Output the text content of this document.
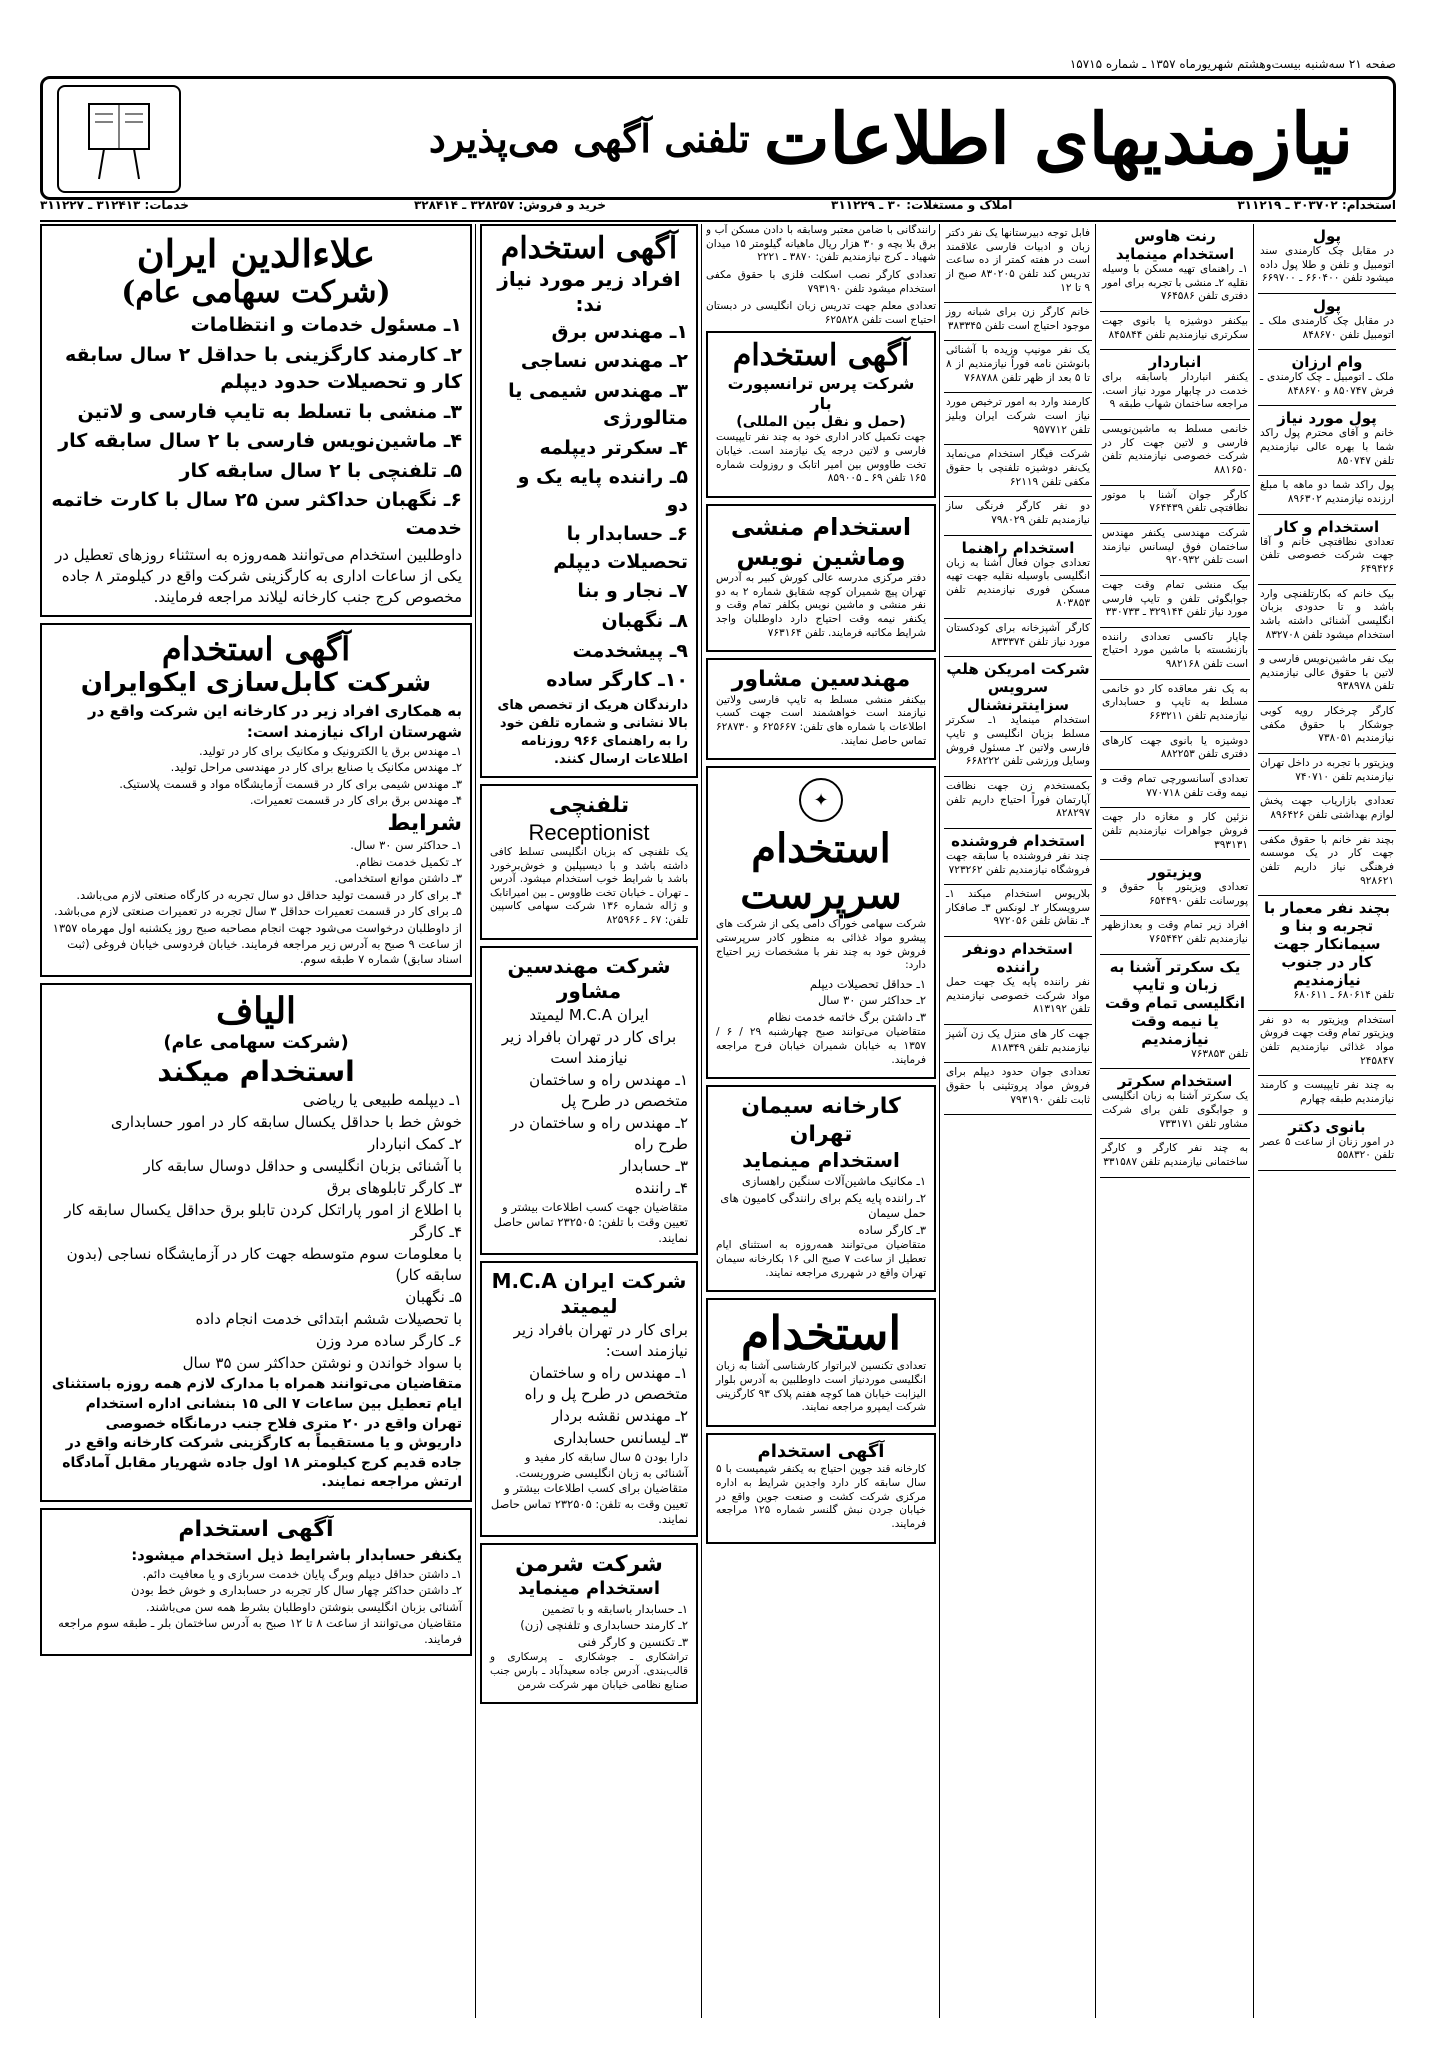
صفحه ۲۱ سه‌شنبه بیست‌وهشتم شهریورماه ۱۳۵۷ ـ شماره ۱۵۷۱۵
نیازمندیهای اطلاعات
تلفنی آگهی می‌پذیرد
استخدام: ۳۰۳۷۰۲ ـ ۳۱۱۲۱۹
املاک و مستغلات: ۳۰ ـ ۳۱۱۲۲۹
خرید و فروش: ۳۲۸۲۵۷ ـ ۳۲۸۴۱۴
خدمات: ۳۱۲۴۱۳ ـ ۳۱۱۲۲۷
پول

در مقابل چک کارمندی سند اتومبیل و تلفن و طلا پول داده میشود تلفن ۶۶۰۴۰۰ ـ ۶۶۹۷۰۰

پول

در مقابل چک کارمندی ملک ـ اتومبیل تلفن ۸۴۸۶۷۰

وام ارزان

ملک ـ اتومبیل ـ چک کارمندی ـ فرش ۸۵۰۷۴۷ و ۸۴۸۶۷۰

پول مورد نیاز

خانم و آقای محترم پول راکد شما با بهره عالی نیازمندیم تلفن ۸۵۰۷۴۷

پول راکد شما دو ماهه با مبلغ ارزنده نیازمندیم ۸۹۶۳۰۲

استخدام و کار

تعدادی نظافتچی خانم و آقا جهت شرکت خصوصی تلفن ۶۴۹۴۲۶

بیک خانم که بکارتلفنچی وارد باشد و تا حدودی بزبان انگلیسی آشنائی داشته باشد استخدام میشود تلفن ۸۳۲۷۰۸

بیک نفر ماشین‌نویس فارسی و لاتین با حقوق عالی نیازمندیم تلفن ۹۳۸۹۷۸

کارگر چرخکار رویه کوبی جوشکار با حقوق مکفی نیازمندیم ۷۳۸۰۵۱

ویزیتور با تجربه در داخل تهران نیازمندیم تلفن ۷۴۰۷۱۰

تعدادی بازاریاب جهت پخش لوازم بهداشتی تلفن ۸۹۶۴۲۶

بچند نفر خانم با حقوق مکفی جهت کار در یک موسسه فرهنگی نیاز داریم تلفن ۹۲۸۶۲۱

بچند نفر معمار با تجربه و بنا و سیمانکار جهت کار در جنوب نیازمندیم

تلفن ۶۸۰۶۱۴ ـ ۶۸۰۶۱۱

استخدام ویزیتور به دو نفر ویزیتور تمام وقت جهت فروش مواد غذائی نیازمندیم تلفن ۲۴۵۸۴۷

به چند نفر تایپیست و کارمند نیازمندیم طبقه چهارم

بانوی دکتر

در امور زنان از ساعت ۵ عصر تلفن ۵۵۸۳۲۰

رنت هاوس استخدام مینماید

۱ـ راهنمای تهیه مسکن با وسیله نقلیه ۲ـ منشی با تجربه برای امور دفتری تلفن ۷۶۴۵۸۶

بیکنفر دوشیزه یا بانوی جهت سکرتری نیازمندیم تلفن ۸۴۵۸۴۴

انباردار

یکنفر انباردار باسابقه برای خدمت در چابهار مورد نیاز است. مراجعه ساختمان شهاب طبقه ۹

خانمی مسلط به ماشین‌نویسی فارسی و لاتین جهت کار در شرکت خصوصی نیازمندیم تلفن ۸۸۱۶۵۰

کارگر جوان آشنا با موتور نظافتچی تلفن ۷۶۴۴۳۹

شرکت مهندسی یکنفر مهندس ساختمان فوق لیسانس نیازمند است تلفن ۹۲۰۹۳۲

بیک منشی تمام وقت جهت جوابگوئی تلفن و تایپ فارسی مورد نیاز تلفن ۳۲۹۱۴۴ ـ ۳۳۰۷۳۳

چایار تاکسی تعدادی راننده بازنشسته با ماشین مورد احتیاج است تلفن ۹۸۲۱۶۸

به یک نفر معاقده کار دو خانمی مسلط به تایپ و حسابداری نیازمندیم تلفن ۶۶۳۲۱۱

دوشیزه یا بانوی جهت کارهای دفتری تلفن ۸۸۲۲۵۳

تعدادی آسانسورچی تمام وقت و نیمه وقت تلفن ۷۷۰۷۱۸

نزئین کار و مغازه دار جهت فروش جواهرات نیازمندیم تلفن ۳۹۳۱۳۱

ویزیتور

تعدادی ویزیتور با حقوق و پورسانت تلفن ۶۵۴۴۹۰

افراد زیر تمام وقت و بعدازظهر نیازمندیم تلفن ۷۶۵۴۴۲

یک سکرتر آشنا به زبان و تایپ انگلیسی تمام وقت یا نیمه وقت نیازمندیم

تلفن ۷۶۳۸۵۳

استخدام سکرتر

یک سکرتر آشنا به زبان انگلیسی و جوابگوی تلفن برای شرکت مشاور تلفن ۷۳۳۱۷۱

به چند نفر کارگر و کارگر ساختمانی نیازمندیم تلفن ۳۳۱۵۸۷

فابل توجه دبیرستانها یک نفر دکتر زبان و ادبیات فارسی علاقمند است در هفته کمتر از ده ساعت تدریس کند تلفن ۸۳۰۲۰۵ صبح از ۹ تا ۱۲

خانم کارگر زن برای شبانه روز موجود احتیاج است تلفن ۳۸۳۳۴۵

یک نفر مونیپ وزیده با آشنائی بانوشتن نامه فوراً نیازمندیم از ۸ تا ۵ بعد از ظهر تلفن ۷۶۸۷۸۸

کارمند وارد به امور ترخیص مورد نیاز است شرکت ایران وبلیز تلفن ۹۵۷۷۱۲

شرکت فیگار استخدام می‌نماید یک‌نفر دوشیزه تلفنچی با حقوق مکفی تلفن ۶۲۱۱۹

دو نفر کارگر فرنگی ساز نیازمندیم تلفن ۷۹۸۰۲۹

استخدام راهنما

تعدادی جوان فعال آشنا به زبان انگلیسی باوسیله نقلیه جهت تهیه مسکن فوری نیازمندیم تلفن ۸۰۳۸۵۳

کارگر آشپزخانه برای کودکستان مورد نیاز تلفن ۸۳۳۳۷۴

شرکت امریکن هلپ سرویس سزاینترنشنال

استخدام مینماید ۱ـ سکرتر مسلط بزبان انگلیسی و تایپ فارسی ولاتین ۲ـ مسئول فروش وسایل ورزشی تلفن ۶۶۸۲۲۲

بکمستخدم زن جهت نظافت آپارتمان فوراً احتیاج داریم تلفن ۸۲۸۲۹۷

استخدام فروشنده

چند نفر فروشنده با سابقه جهت فروشگاه نیازمندیم تلفن ۷۲۳۲۶۲

بلاریوس استخدام میکند ۱ـ سرویسکار ۲ـ لونکس ۳ـ صافکار ۴ـ نقاش تلفن ۹۷۲۰۵۶

استخدام دونفر راننده

نفر راننده پایه یک جهت حمل مواد شرکت خصوصی نیازمندیم تلفن ۸۱۳۱۹۲

جهت کار های منزل یک زن آشپز نیازمندیم تلفن ۸۱۸۳۴۹

تعدادی جوان حدود دیپلم برای فروش مواد پروتئینی با حقوق ثابت تلفن ۷۹۳۱۹۰

رانندگانی با ضامن معتبر وسابقه با دادن مسکن آب و برق بلا بچه و ۳۰ هزار ریال ماهیانه گیلومتر ۱۵ میدان شهیاد ـ کرج نیازمندیم تلفن: ۳۸۷۰ ـ ۲۲۲۱

تعدادی کارگر نصب اسکلت فلزی با حقوق مکفی استخدام میشود تلفن ۷۹۳۱۹۰

تعدادی معلم جهت تدریس زبان انگلیسی در دبستان احتیاج است تلفن ۶۲۵۸۲۸

آگهی استخدام
شرکت پرس ترانسپورت بار
(حمل و نقل بین المللی)

جهت تکمیل کادر اداری خود به چند نفر تایپیست فارسی و لاتین درجه یک نیازمند است. خیابان تخت طاووس بین امیر اتابک و روزولت شماره ۱۶۵ تلفن ۶۹ ـ ۸۵۹۰۰۵

استخدام منشی وماشین نویس

دفتر مرکزی مدرسه عالی کورش کبیر به آدرس تهران پیچ شمیران کوچه شقایق شماره ۲ به دو نفر منشی و ماشین نویس بکلفر تمام وقت و یکنفر نیمه وقت احتیاج دارد داوطلبان واجد شرایط مکاتبه فرمایند. تلفن ۷۶۳۱۶۴

مهندسین مشاور

بیکنفر منشی مسلط به تایپ فارسی ولاتین نیازمند است خواهشمند است جهت کسب اطلاعات با شماره های تلفن: ۶۲۵۶۶۷ و ۶۲۸۷۳۰ تماس حاصل نمایند.

✦
استخدام سرپرست

شرکت سهامی خوراک دامی یکی از شرکت های پیشرو مواد غذائی به منظور کادر سرپرستی فروش خود به چند نفر با مشخصات زیر احتیاج دارد:

۱ـ حداقل تحصیلات دیپلم

۲ـ حداکثر سن ۳۰ سال

۳ـ داشتن برگ خاتمه خدمت نظام

متقاضیان می‌توانند صبح چهارشنبه ۲۹ / ۶ / ۱۳۵۷ به خیابان شمیران خیابان فرح مراجعه فرمایند.

کارخانه سیمان تهران
استخدام مینماید

۱ـ مکانیک ماشین‌آلات سنگین راهسازی

۲ـ راننده پایه یکم برای رانندگی کامیون های حمل سیمان

۳ـ کارگر ساده

متقاضیان می‌توانند همه‌روزه به استثنای ایام تعطیل از ساعت ۷ صبح الی ۱۶ بکارخانه سیمان تهران واقع در شهرری مراجعه نمایند.

استخدام

تعدادی تکنسین لابراتوار کارشناسی آشنا به زبان انگلیسی موردنیاز است داوطلبین به آدرس بلوار الیزابت خیابان هما کوچه هفتم پلاک ۹۳ کارگزینی شرکت ایمپرو مراجعه نمایند.

آگهی استخدام

کارخانه قند جوین احتیاج به یکنفر شیمیست با ۵ سال سابقه کار دارد واجدین شرایط به اداره مرکزی شرکت کشت و صنعت جوین واقع در خیابان جردن نبش گلنسر شماره ۱۲۵ مراجعه فرمایند.

آگهی استخدام
افراد زیر مورد نیاز ند:

۱ـ مهندس برق

۲ـ مهندس نساجی

۳ـ مهندس شیمی یا متالورژی

۴ـ سکرتر دیپلمه

۵ـ راننده پایه یک و دو

۶ـ حسابدار با تحصیلات دیپلم

۷ـ نجار و بنا

۸ـ نگهبان

۹ـ پیشخدمت

۱۰ـ کارگر ساده

دارندگان هریک از تخصص های بالا نشانی و شماره تلفن خود را به راهنمای ۹۶۶ روزنامه اطلاعات ارسال کنند.

تلفنچی
Receptionist

یک تلفنچی که بزبان انگلیسی تسلط کافی داشته باشد و با دیسیپلین و خوش‌برخورد باشد با شرایط خوب استخدام میشود. آدرس ـ تهران ـ خیابان تخت طاووس ـ بین امیراتابک و ژاله شماره ۱۳۶ شرکت سهامی کاسپین تلفن: ۶۷ ـ ۸۲۵۹۶۶

شرکت مهندسین مشاور
ایران M.C.A لیمیتد
برای کار در تهران بافراد زیر نیازمند است

۱ـ مهندس راه و ساختمان متخصص در طرح پل

۲ـ مهندس راه و ساختمان در طرح راه

۳ـ حسابدار

۴ـ راننده

متقاضیان جهت کسب اطلاعات بیشتر و تعیین وقت با تلفن: ۲۳۲۵۰۵ تماس حاصل نمایند.

شرکت ایران M.C.A لیمیتد
برای کار در تهران بافراد زیر نیازمند است:

۱ـ مهندس راه و ساختمان متخصص در طرح پل و راه

۲ـ مهندس نقشه بردار

۳ـ لیسانس حسابداری

دارا بودن ۵ سال سابقه کار مفید و آشنائی به زبان انگلیسی ضروریست. متقاضیان برای کسب اطلاعات بیشتر و تعیین وقت به تلفن: ۲۳۲۵۰۵ تماس حاصل نمایند.

شرکت شرمن
استخدام مینماید

۱ـ حسابدار باسابقه و با تضمین

۲ـ کارمند حسابداری و تلفنچی (زن)

۳ـ تکنسین و کارگر فنی

تراشکاری ـ جوشکاری ـ پرسکاری و قالب‌بندی. آدرس جاده سعیدآباد ـ بارس جنب صنایع نظامی خیابان مهر شرکت شرمن

علاءالدین ایران
(شرکت سهامی عام)

۱ـ مسئول خدمات و انتظامات

۲ـ کارمند کارگزینی با حداقل ۲ سال سابقه کار و تحصیلات حدود دیپلم

۳ـ منشی با تسلط به تایپ فارسی و لاتین

۴ـ ماشین‌نویس فارسی با ۲ سال سابقه کار

۵ـ تلفنچی با ۲ سال سابقه کار

۶ـ نگهبان حداکثر سن ۲۵ سال با کارت خاتمه خدمت

داوطلبین استخدام می‌توانند همه‌روزه به استثناء روزهای تعطیل در یکی از ساعات اداری به کارگزینی شرکت واقع در کیلومتر ۸ جاده مخصوص کرج جنب کارخانه لیلاند مراجعه فرمایند.

آگهی استخدام
شرکت کابل‌سازی ایکوایران

به همکاری افراد زیر در کارخانه این شرکت واقع در شهرستان اراک نیازمند است:

۱ـ مهندس برق یا الکترونیک و مکانیک برای کار در تولید.

۲ـ مهندس مکانیک یا صنایع برای کار در مهندسی مراحل تولید.

۳ـ مهندس شیمی برای کار در قسمت آزمایشگاه مواد و قسمت پلاستیک.

۴ـ مهندس برق برای کار در قسمت تعمیرات.

شرایط

۱ـ حداکثر سن ۳۰ سال.

۲ـ تکمیل خدمت نظام.

۳ـ داشتن موانع استخدامی.

۴ـ برای کار در قسمت تولید حداقل دو سال تجربه در کارگاه صنعتی لازم می‌باشد.

۵ـ برای کار در قسمت تعمیرات حداقل ۳ سال تجربه در تعمیرات صنعتی لازم می‌باشد.

از داوطلبان درخواست می‌شود جهت انجام مصاحبه صبح روز یکشنبه اول مهرماه ۱۳۵۷ از ساعت ۹ صبح به آدرس زیر مراجعه فرمایند. خیابان فردوسی خیابان فروغی (ثبت اسناد سابق) شماره ۷ طبقه سوم.

الیاف
(شرکت سهامی عام)
استخدام میکند

۱ـ دیپلمه طبیعی یا ریاضی

خوش خط با حداقل یکسال سابقه کار در امور حسابداری

۲ـ کمک انباردار

با آشنائی بزبان انگلیسی و حداقل دوسال سابقه کار

۳ـ کارگر تابلوهای برق

با اطلاع از امور پاراتکل کردن تابلو برق حداقل یکسال سابقه کار

۴ـ کارگر

با معلومات سوم متوسطه جهت کار در آزمایشگاه نساجی (بدون سابقه کار)

۵ـ نگهبان

با تحصیلات ششم ابتدائی خدمت انجام داده

۶ـ کارگر ساده مرد وزن

با سواد خواندن و نوشتن حداکثر سن ۳۵ سال

متقاضیان می‌توانند همراه با مدارک لازم همه روزه باستثنای ایام تعطیل بین ساعات ۷ الی ۱۵ بنشانی اداره استخدام تهران واقع در ۲۰ متری فلاح جنب درمانگاه خصوصی داریوش و یا مستقیماً به کارگزینی شرکت کارخانه واقع در جاده قدیم کرج کیلومتر ۱۸ اول جاده شهریار مقابل آمادگاه ارتش مراجعه نمایند.

آگهی استخدام

یکنفر حسابدار باشرایط ذیل استخدام میشود:

۱ـ داشتن حداقل دیپلم وبرگ پایان خدمت سربازی و یا معافیت دائم.

۲ـ داشتن حداکثر چهار سال کار تجربه در حسابداری و خوش خط بودن

آشنائی بزبان انگلیسی بنوشتن داوطلبان بشرط همه سن می‌باشند.

متقاضیان می‌توانند از ساعت ۸ تا ۱۲ صبح به آدرس ساختمان بلر ـ طبقه سوم مراجعه فرمایند.
